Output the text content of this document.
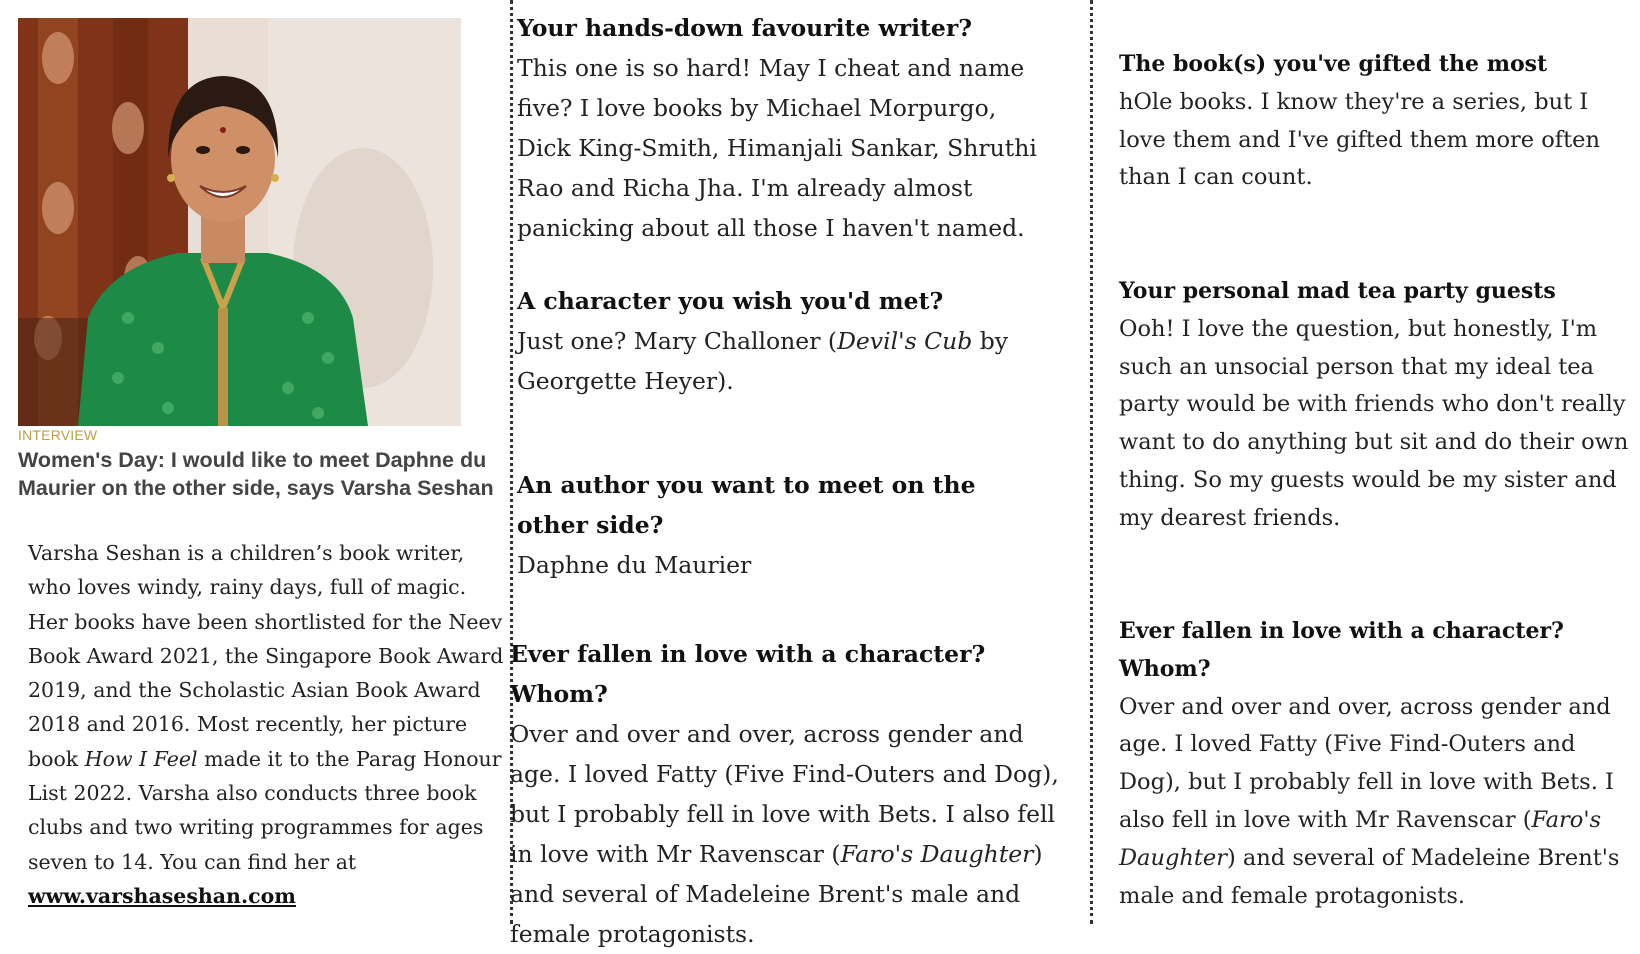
INTERVIEW
Women's Day: I would like to meet Daphne du Maurier on the other side, says Varsha Seshan
Varsha Seshan is a children’s book writer, who loves windy, rainy days, full of magic. Her books have been shortlisted for the Neev Book Award 2021, the Singapore Book Award 2019, and the Scholastic Asian Book Award 2018 and 2016. Most recently, her picture book How I Feel made it to the Parag Honour List 2022. Varsha also conducts three book clubs and two writing programmes for ages seven to 14. You can find her at www.varshaseshan.com
Your hands-down favourite writer?
This one is so hard! May I cheat and name five? I love books by Michael Morpurgo, Dick King-Smith, Himanjali Sankar, Shruthi Rao and Richa Jha. I'm already almost panicking about all those I haven't named.
A character you wish you'd met?
Just one? Mary Challoner (Devil's Cub by Georgette Heyer).
An author you want to meet on the other side?
Daphne du Maurier
Ever fallen in love with a character? Whom?
Over and over and over, across gender and age. I loved Fatty (Five Find-Outers and Dog), but I probably fell in love with Bets. I also fell in love with Mr Ravenscar (Faro's Daughter) and several of Madeleine Brent's male and female protagonists.
The book(s) you've gifted the most
hOle books. I know they're a series, but I love them and I've gifted them more often than I can count.
Your personal mad tea party guests
Ooh! I love the question, but honestly, I'm such an unsocial person that my ideal tea party would be with friends who don't really want to do anything but sit and do their own thing. So my guests would be my sister and my dearest friends.
Ever fallen in love with a character? Whom?
Over and over and over, across gender and age. I loved Fatty (Five Find-Outers and Dog), but I probably fell in love with Bets. I also fell in love with Mr Ravenscar (Faro's Daughter) and several of Madeleine Brent's male and female protagonists.
